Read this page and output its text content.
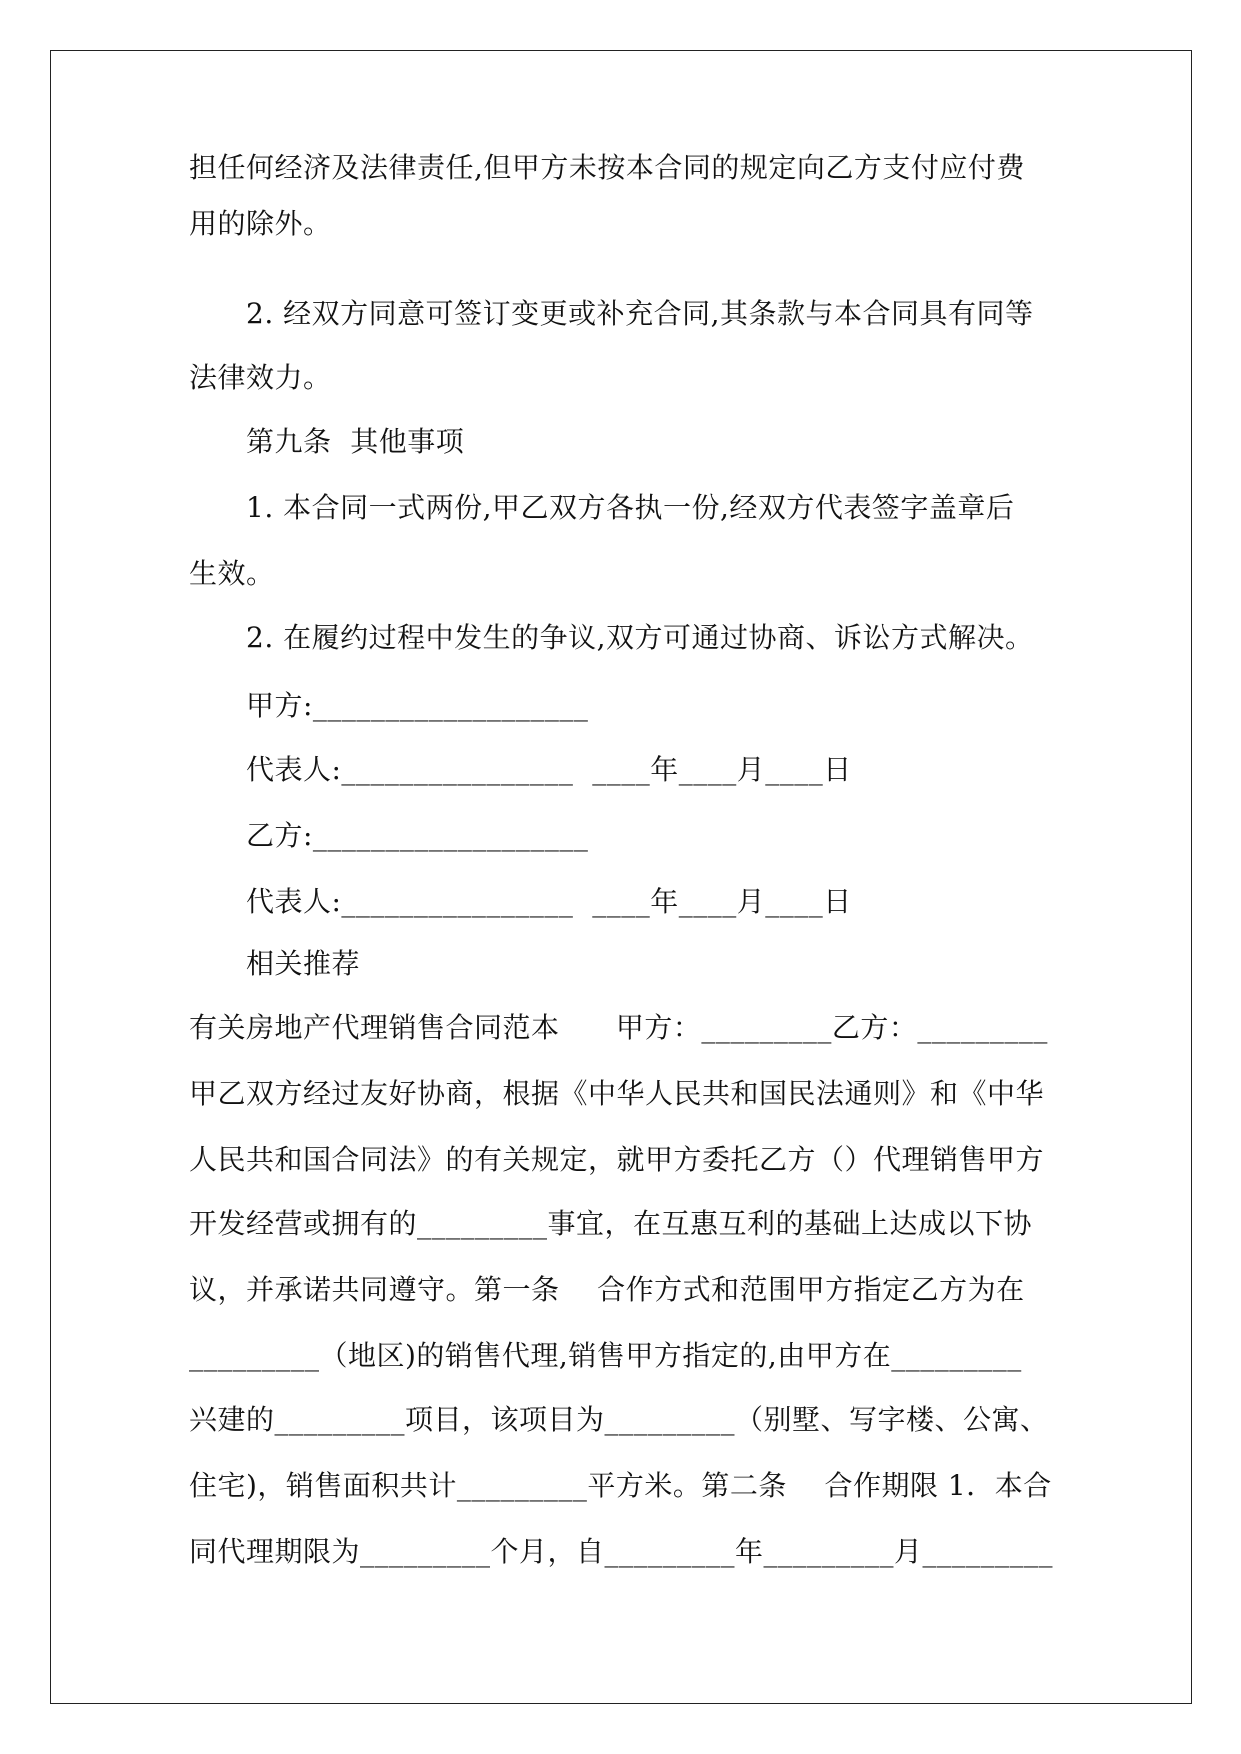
担任何经济及法律责任,但甲方未按本合同的规定向乙方支付应付费
用的除外。
2. 经双方同意可签订变更或补充合同,其条款与本合同具有同等
法律效力。
第九条  其他事项
1. 本合同一式两份,甲乙双方各执一份,经双方代表签字盖章后
生效。
2. 在履约过程中发生的争议,双方可通过协商、诉讼方式解决。
甲方:___________________
代表人:________________  ____年____月____日
乙方:___________________
代表人:________________  ____年____月____日
相关推荐
有关房地产代理销售合同范本      甲方：_________乙方：_________
甲乙双方经过友好协商，根据《中华人民共和国民法通则》和《中华
人民共和国合同法》的有关规定，就甲方委托乙方（）代理销售甲方
开发经营或拥有的_________事宜，在互惠互利的基础上达成以下协
议，并承诺共同遵守。第一条    合作方式和范围甲方指定乙方为在
_________（地区)的销售代理,销售甲方指定的,由甲方在_________
兴建的_________项目，该项目为_________（别墅、写字楼、公寓、
住宅)，销售面积共计_________平方米。第二条    合作期限 1．本合
同代理期限为_________个月，自_________年_________月_________
